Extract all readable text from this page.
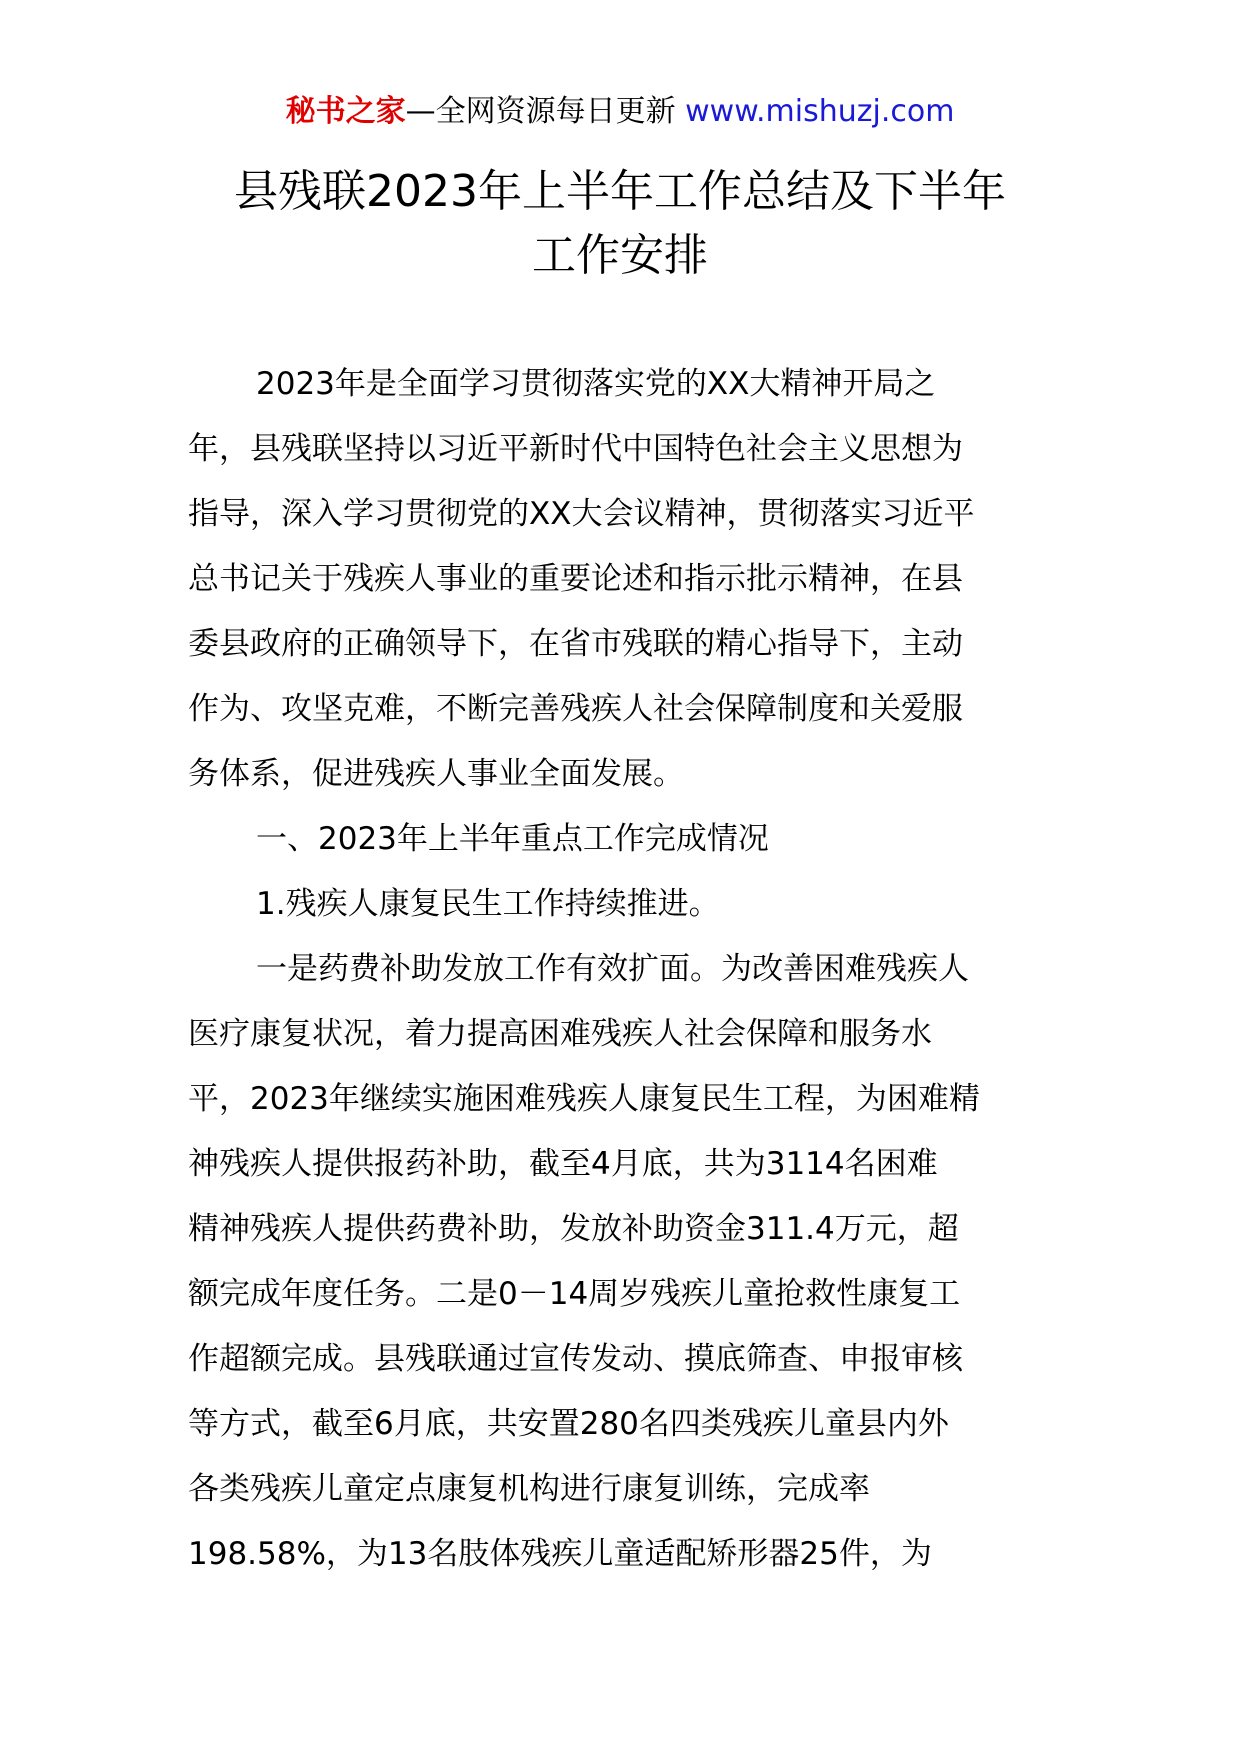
秘书之家—全网资源每日更新 www.mishuzj.com
县残联2023年上半年工作总结及下半年
工作安排
2023年是全面学习贯彻落实党的XX大精神开局之
年，县残联坚持以习近平新时代中国特色社会主义思想为
指导，深入学习贯彻党的XX大会议精神，贯彻落实习近平
总书记关于残疾人事业的重要论述和指示批示精神，在县
委县政府的正确领导下，在省市残联的精心指导下，主动
作为、攻坚克难，不断完善残疾人社会保障制度和关爱服
务体系，促进残疾人事业全面发展。
一、2023年上半年重点工作完成情况
1.残疾人康复民生工作持续推进。
一是药费补助发放工作有效扩面。为改善困难残疾人
医疗康复状况，着力提高困难残疾人社会保障和服务水
平，2023年继续实施困难残疾人康复民生工程，为困难精
神残疾人提供报药补助，截至4月底，共为3114名困难
精神残疾人提供药费补助，发放补助资金311.4万元，超
额完成年度任务。二是0－14周岁残疾儿童抢救性康复工
作超额完成。县残联通过宣传发动、摸底筛查、申报审核
等方式，截至6月底，共安置280名四类残疾儿童县内外
各类残疾儿童定点康复机构进行康复训练，完成率
198.58%，为13名肢体残疾儿童适配矫形器25件，为
